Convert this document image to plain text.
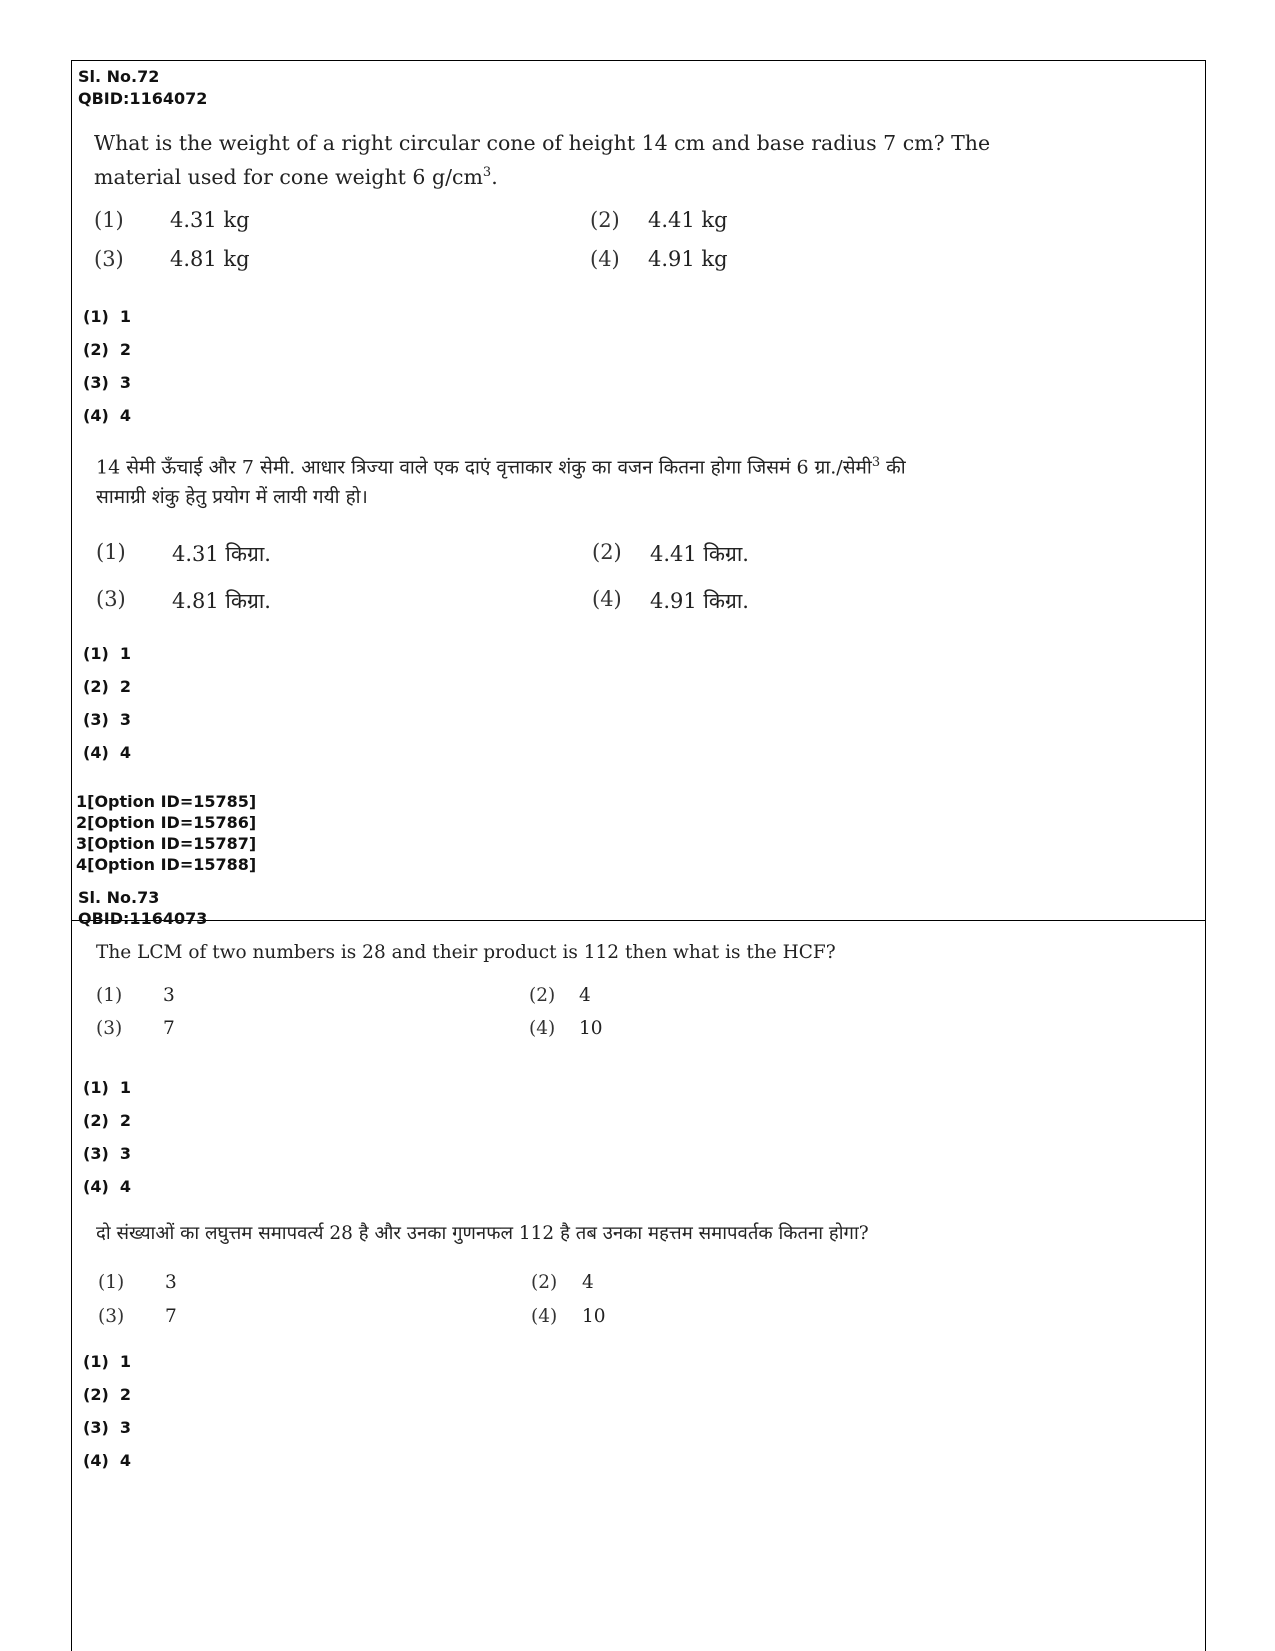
Sl. No.72
QBID:1164072
What is the weight of a right circular cone of height 14 cm and base radius 7 cm? The
material used for cone weight 6 $g/cm^3$.
(1) 4.31 kg	(2) 4.41 kg
(3) 4.81 kg	(4) 4.91 kg
(1) 1
(2) 2
(3) 3
(4) 4
14 सेमी ऊँचाई और 7 सेमी. आधार त्रिज्या वाले एक दाएं वृत्ताकार शंकु का वजन कितना होगा जिसमं 6 ग्रा./सेमी$^3$ की
सामाग्री शंकु हेतु प्रयोग में लायी गयी हो।
(1) 4.31 किग्रा.	(2) 4.41 किग्रा.
(3) 4.81 किग्रा.	(4) 4.91 किग्रा.
(1) 1
(2) 2
(3) 3
(4) 4
1[Option ID=15785]
2[Option ID=15786]
3[Option ID=15787]
4[Option ID=15788]
Sl. No.73
QBID:1164073
The LCM of two numbers is 28 and their product is 112 then what is the HCF?
(1) 3	(2) 4
(3) 7	(4) 10
(1) 1
(2) 2
(3) 3
(4) 4
दो संख्याओं का लघुत्तम समापवर्त्य 28 है और उनका गुणनफल 112 है तब उनका महत्तम समापवर्तक कितना होगा?
(1) 3	(2) 4
(3) 7	(4) 10
(1) 1
(2) 2
(3) 3
(4) 4
